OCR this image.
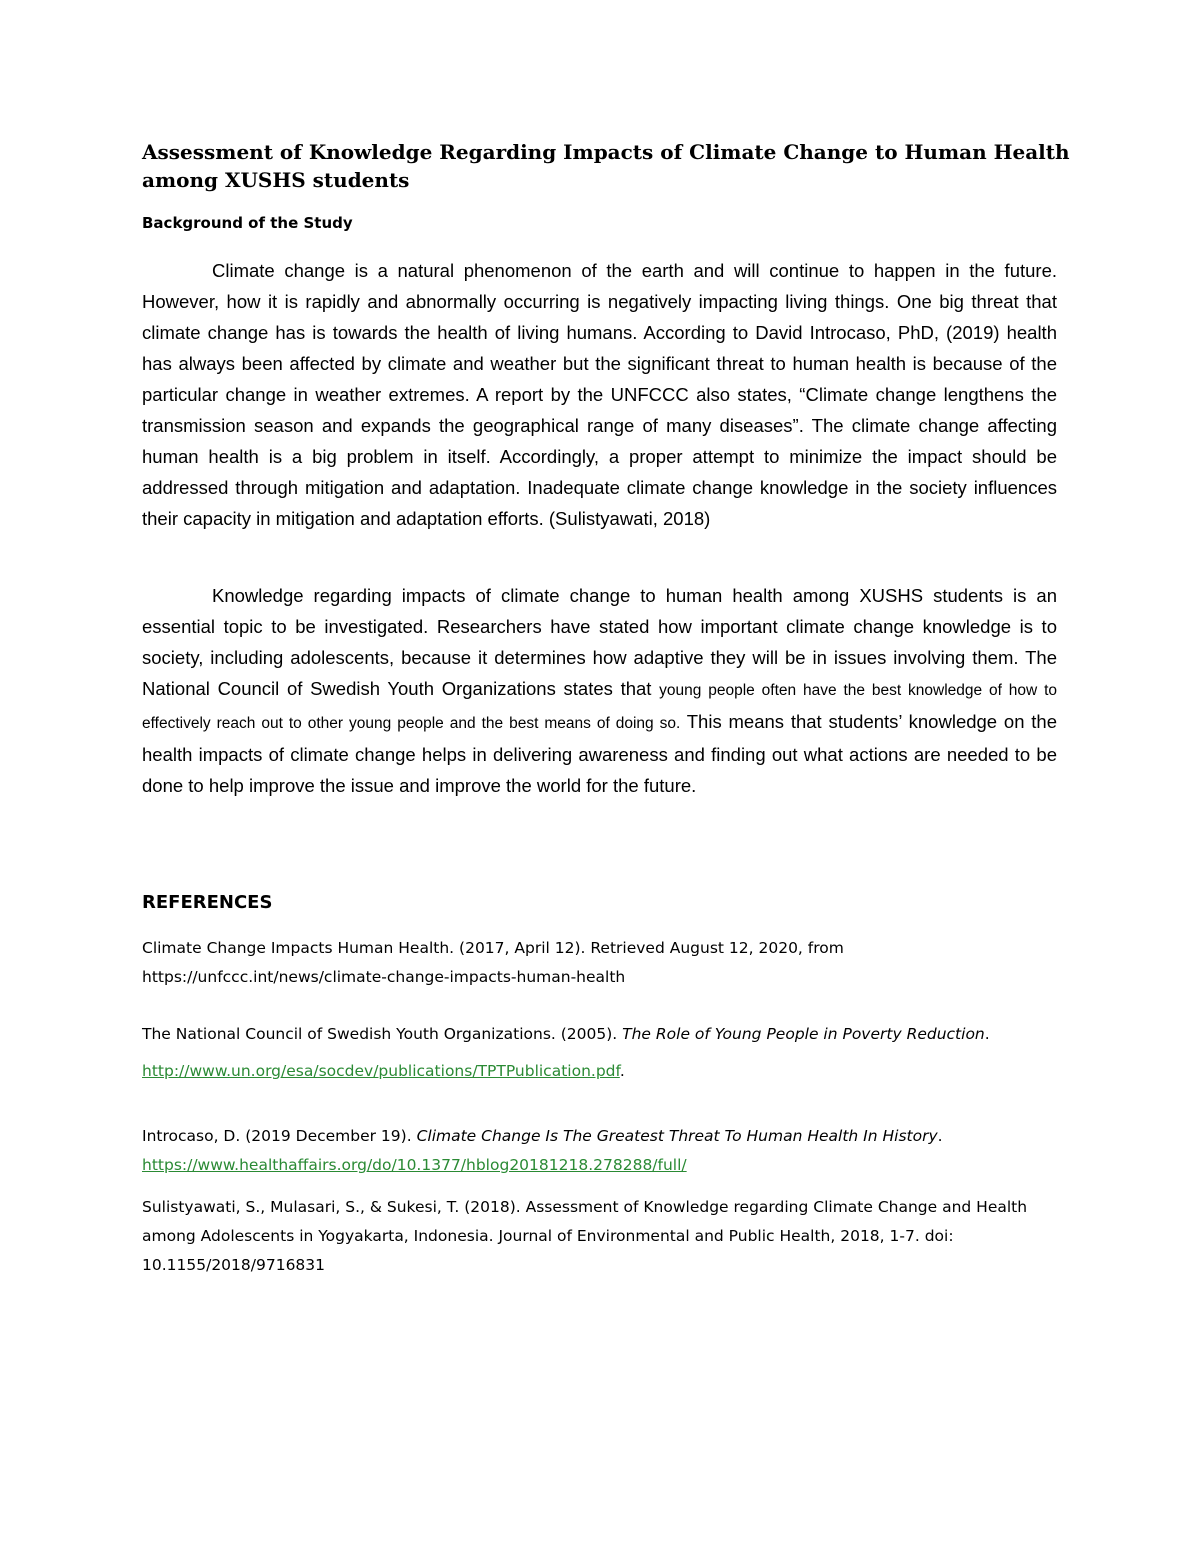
Assessment of Knowledge Regarding Impacts of Climate Change to Human Health among XUSHS students
Background of the Study

Climate change is a natural phenomenon of the earth and will continue to happen in the future. However, how it is rapidly and abnormally occurring is negatively impacting living things. One big threat that climate change has is towards the health of living humans. According to David Introcaso, PhD, (2019) health has always been affected by climate and weather but the significant threat to human health is because of the particular change in weather extremes. A report by the UNFCCC also states, “Climate change lengthens the transmission season and expands the geographical range of many diseases”. The climate change affecting human health is a big problem in itself. Accordingly, a proper attempt to minimize the impact should be addressed through mitigation and adaptation. Inadequate climate change knowledge in the society influences their capacity in mitigation and adaptation efforts. (Sulistyawati, 2018)

Knowledge regarding impacts of climate change to human health among XUSHS students is an essential topic to be investigated. Researchers have stated how important climate change knowledge is to society, including adolescents, because it determines how adaptive they will be in issues involving them. The National Council of Swedish Youth Organizations states that young people often have the best knowledge of how to effectively reach out to other young people and the best means of doing so. This means that students’ knowledge on the health impacts of climate change helps in delivering awareness and finding out what actions are needed to be done to help improve the issue and improve the world for the future.

REFERENCES

Climate Change Impacts Human Health. (2017, April 12). Retrieved August 12, 2020, from https://unfccc.int/news/climate-change-impacts-human-health

The National Council of Swedish Youth Organizations. (2005). The Role of Young People in Poverty Reduction. http://www.un.org/esa/socdev/publications/TPTPublication.pdf.

Introcaso, D. (2019 December 19). Climate Change Is The Greatest Threat To Human Health In History.
https://www.healthaffairs.org/do/10.1377/hblog20181218.278288/full/

Sulistyawati, S., Mulasari, S., & Sukesi, T. (2018). Assessment of Knowledge regarding Climate Change and Health among Adolescents in Yogyakarta, Indonesia. Journal of Environmental and Public Health, 2018, 1-7. doi: 10.1155/2018/9716831
